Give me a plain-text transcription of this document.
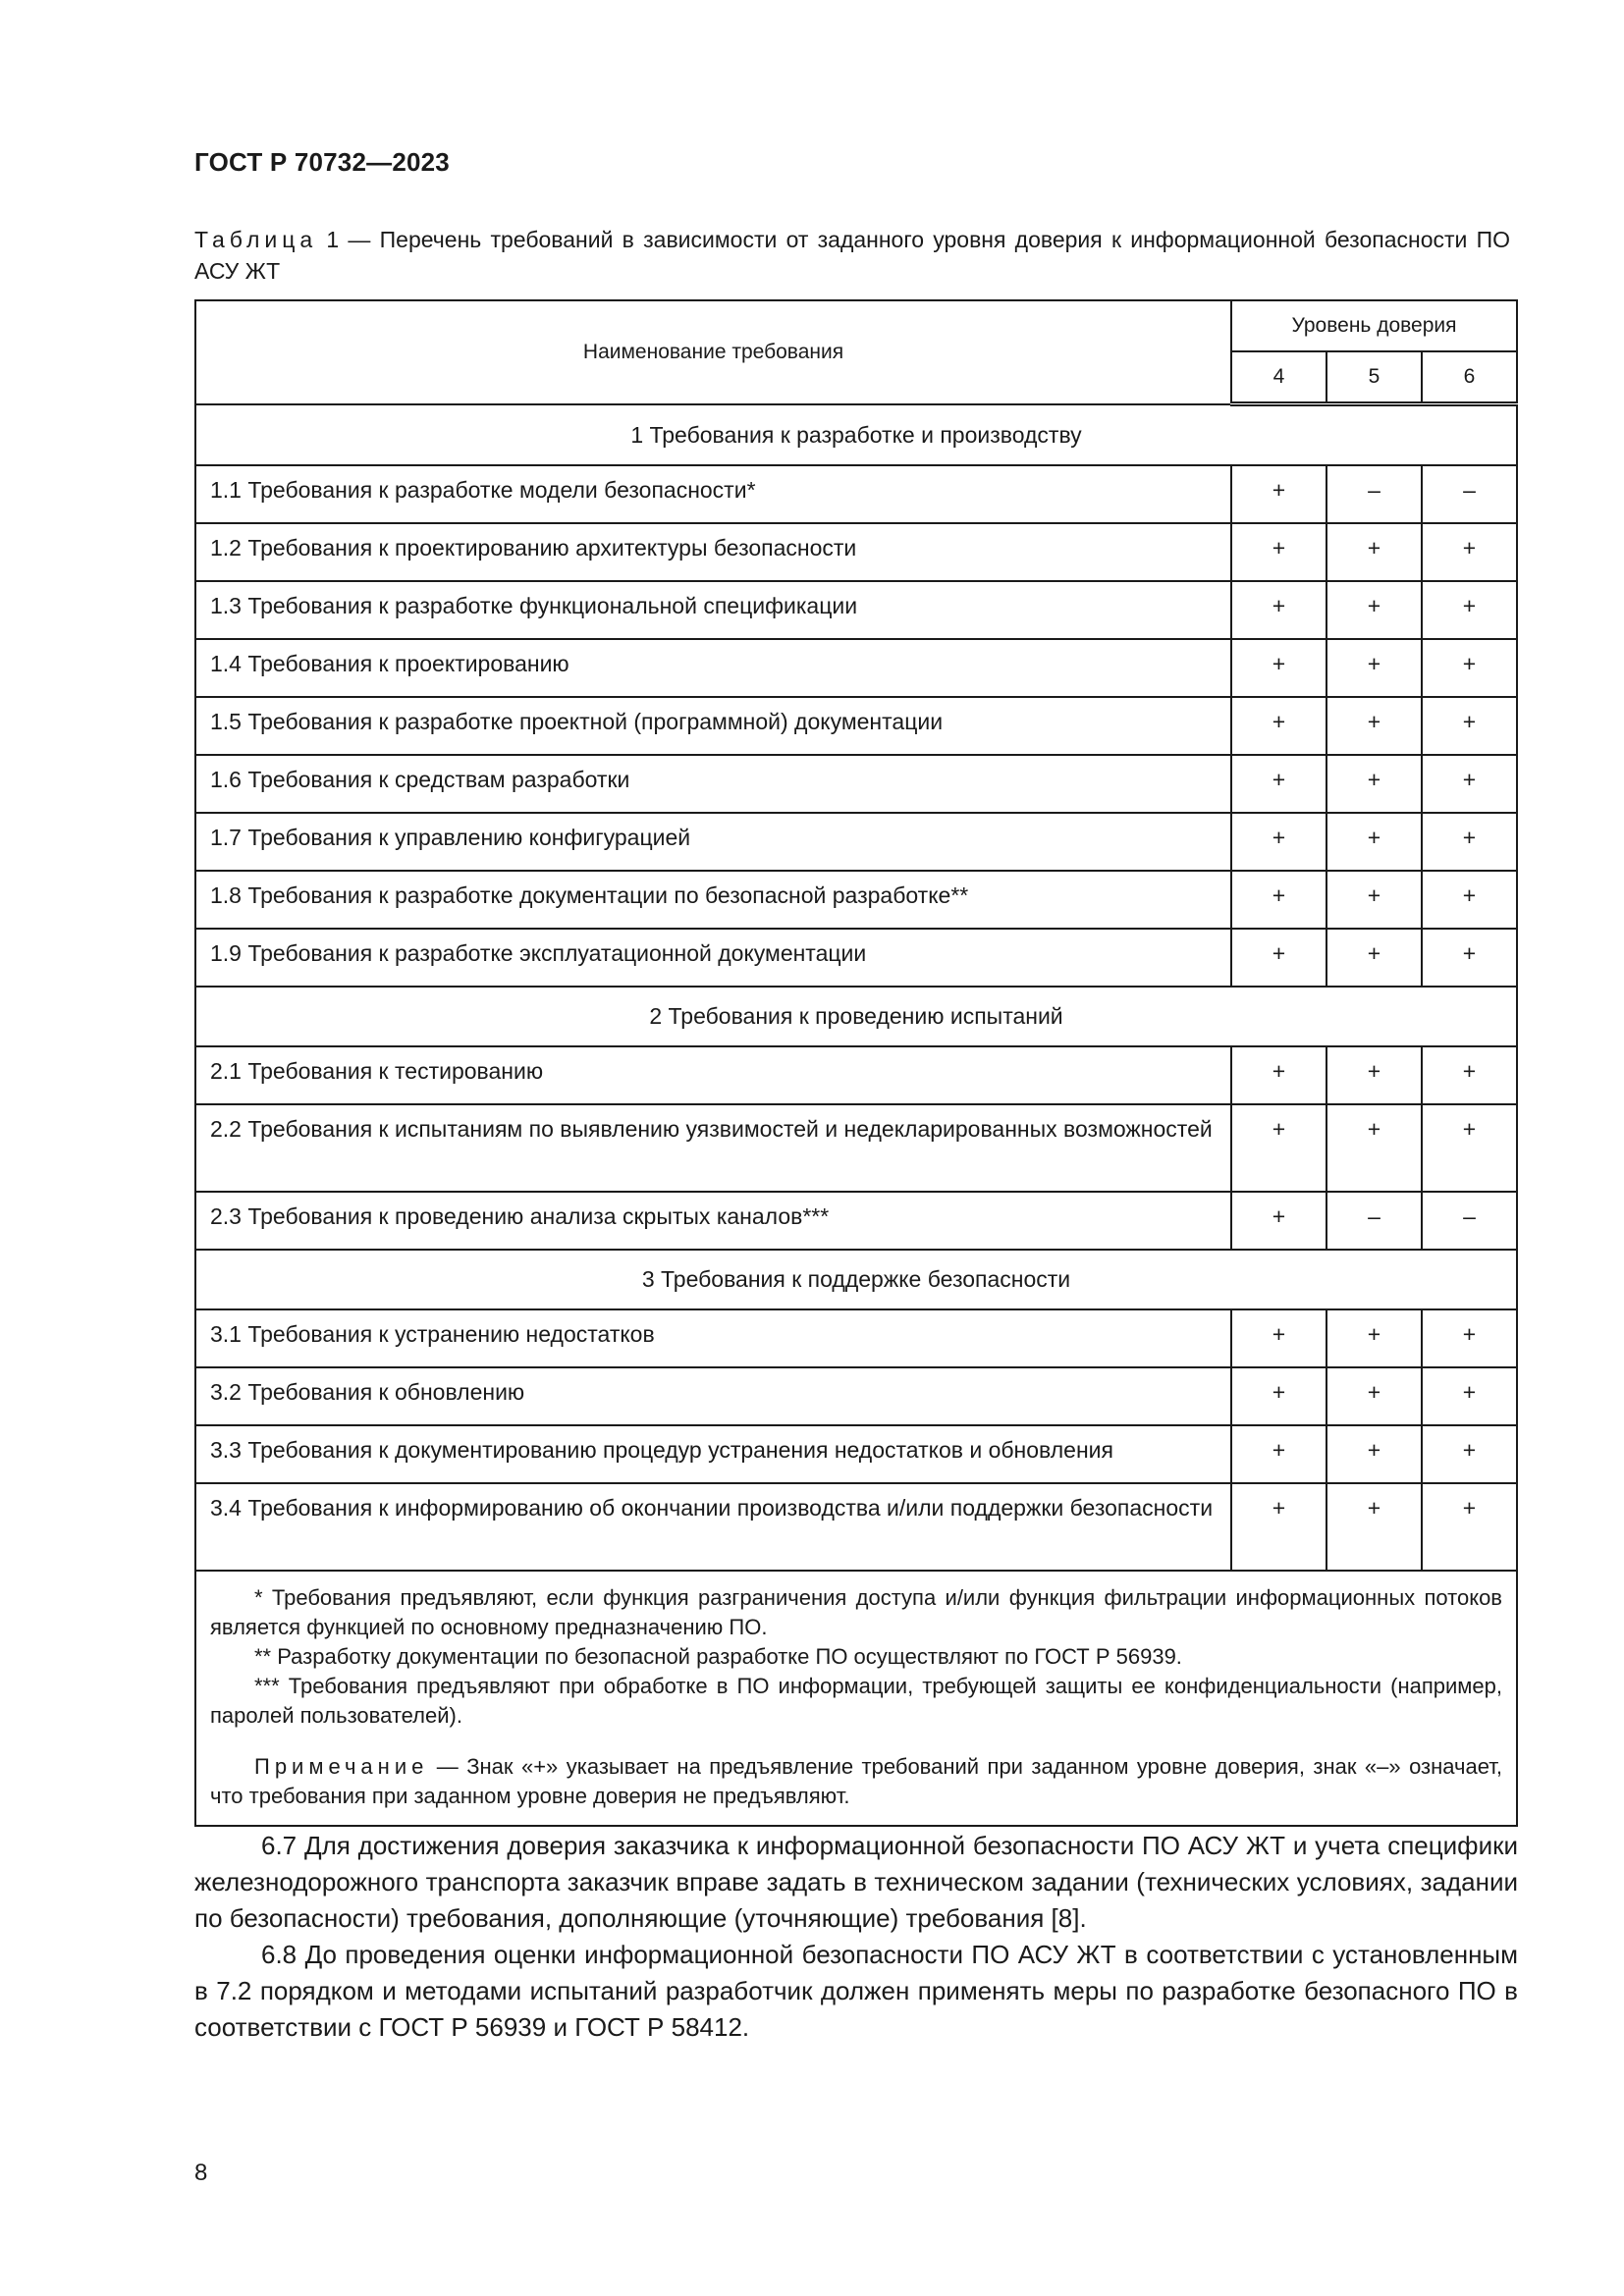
ГОСТ Р 70732—2023
Таблица 1 — Перечень требований в зависимости от заданного уровня доверия к информационной безопасности ПО АСУ ЖТ
Наименование требования	Уровень доверия		
	4	5	6
1 Требования к разработке и производству			
1.1 Требования к разработке модели безопасности*	+	–	–
1.2 Требования к проектированию архитектуры безопасности	+	+	+
1.3 Требования к разработке функциональной спецификации	+	+	+
1.4 Требования к проектированию	+	+	+
1.5 Требования к разработке проектной (программной) документации	+	+	+
1.6 Требования к средствам разработки	+	+	+
1.7 Требования к управлению конфигурацией	+	+	+
1.8 Требования к разработке документации по безопасной разработке**	+	+	+
1.9 Требования к разработке эксплуатационной документации	+	+	+
2 Требования к проведению испытаний			
2.1 Требования к тестированию	+	+	+
2.2 Требования к испытаниям по выявлению уязвимостей и недекларированных возможностей	+	+	+
2.3 Требования к проведению анализа скрытых каналов***	+	–	–
3 Требования к поддержке безопасности			
3.1 Требования к устранению недостатков	+	+	+
3.2 Требования к обновлению	+	+	+
3.3 Требования к документированию процедур устранения недостатков и обновления	+	+	+
3.4 Требования к информированию об окончании производства и/или поддержки безопасности	+	+	+

* Требования предъявляют, если функция разграничения доступа и/или функция фильтрации информационных потоков является функцией по основному предназначению ПО.

** Разработку документации по безопасной разработке ПО осуществляют по ГОСТ Р 56939.

*** Требования предъявляют при обработке в ПО информации, требующей защиты ее конфиденциальности (например, паролей пользователей).

Примечание — Знак «+» указывает на предъявление требований при заданном уровне доверия, знак «–» означает, что требования при заданном уровне доверия не предъявляют.			

6.7 Для достижения доверия заказчика к информационной безопасности ПО АСУ ЖТ и учета специфики железнодорожного транспорта заказчик вправе задать в техническом задании (технических условиях, задании по безопасности) требования, дополняющие (уточняющие) требования [8].

6.8 До проведения оценки информационной безопасности ПО АСУ ЖТ в соответствии с установленным в 7.2 порядком и методами испытаний разработчик должен применять меры по разработке безопасного ПО в соответствии с ГОСТ Р 56939 и ГОСТ Р 58412.

8
